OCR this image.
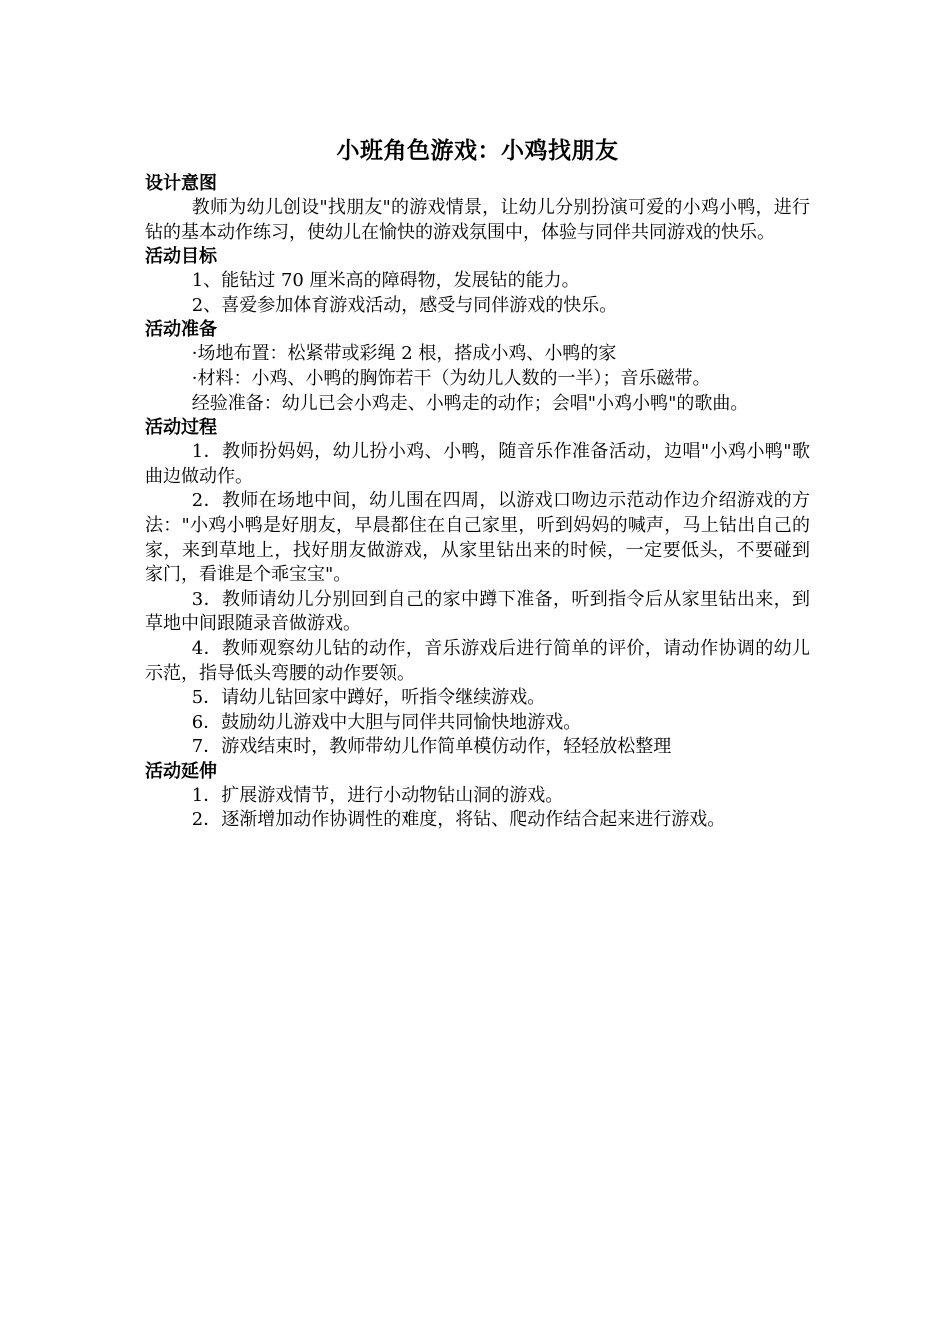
小班角色游戏：小鸡找朋友
设计意图

教师为幼儿创设"找朋友"的游戏情景，让幼儿分别扮演可爱的小鸡小鸭，进行钻的基本动作练习，使幼儿在愉快的游戏氛围中，体验与同伴共同游戏的快乐。

活动目标

1、能钻过 70 厘米高的障碍物，发展钻的能力。

2、喜爱参加体育游戏活动，感受与同伴游戏的快乐。

活动准备

·场地布置：松紧带或彩绳 2 根，搭成小鸡、小鸭的家

·材料：小鸡、小鸭的胸饰若干（为幼儿人数的一半）；音乐磁带。

经验准备：幼儿已会小鸡走、小鸭走的动作；会唱"小鸡小鸭"的歌曲。

活动过程

1．教师扮妈妈，幼儿扮小鸡、小鸭，随音乐作准备活动，边唱"小鸡小鸭"歌曲边做动作。

2．教师在场地中间，幼儿围在四周，以游戏口吻边示范动作边介绍游戏的方法："小鸡小鸭是好朋友，早晨都住在自己家里，听到妈妈的喊声，马上钻出自己的家，来到草地上，找好朋友做游戏，从家里钻出来的时候，一定要低头，不要碰到家门，看谁是个乖宝宝"。

3．教师请幼儿分别回到自己的家中蹲下准备，听到指令后从家里钻出来，到草地中间跟随录音做游戏。

4．教师观察幼儿钻的动作，音乐游戏后进行简单的评价，请动作协调的幼儿示范，指导低头弯腰的动作要领。

5．请幼儿钻回家中蹲好，听指令继续游戏。

6．鼓励幼儿游戏中大胆与同伴共同愉快地游戏。

7．游戏结束时，教师带幼儿作简单模仿动作，轻轻放松整理

活动延伸

1．扩展游戏情节，进行小动物钻山洞的游戏。

2．逐渐增加动作协调性的难度，将钻、爬动作结合起来进行游戏。
